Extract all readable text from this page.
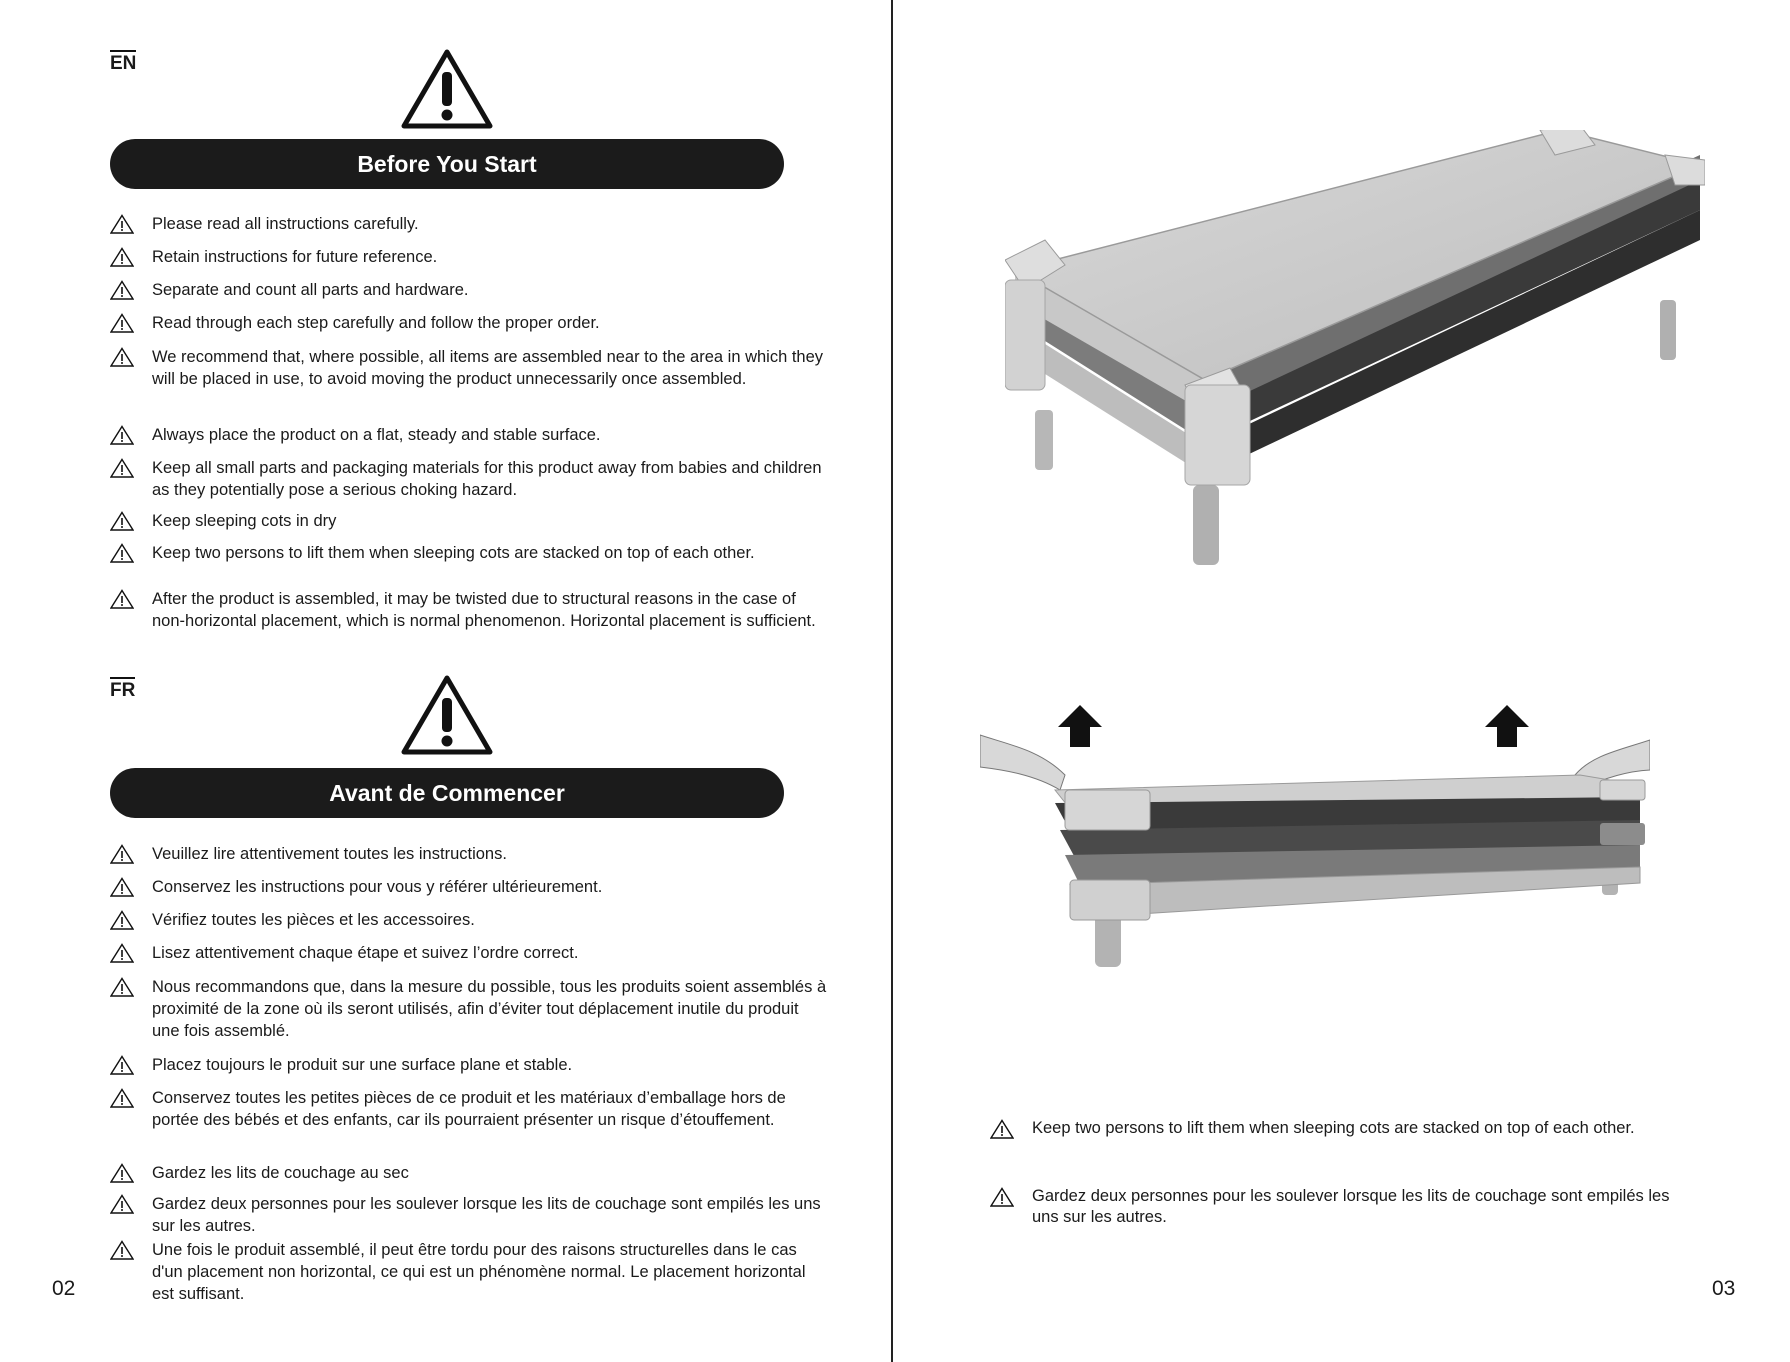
EN
Before You Start
Please read all instructions carefully.
Retain instructions for future reference.
Separate and count all parts and hardware.
Read through each step carefully and follow the proper order.
We recommend that, where possible, all items are assembled near to the area in which they will be placed in use, to avoid moving the product unnecessarily once assembled.
Always place the product on a flat, steady and stable surface.
Keep all small parts and packaging materials for this product away from babies and children as they potentially pose a serious choking hazard.
Keep sleeping cots in dry
Keep two persons to lift them when sleeping cots are stacked on top of each other.
After the product is assembled, it may be twisted due to structural reasons in the case of non-horizontal placement, which is normal phenomenon. Horizontal placement is sufficient.
FR
Avant de Commencer
Veuillez lire attentivement toutes les instructions.
Conservez les instructions pour vous y référer ultérieurement.
Vérifiez toutes les pièces et les accessoires.
Lisez attentivement chaque étape et suivez l’ordre correct.
Nous recommandons que, dans la mesure du possible, tous les produits soient assemblés à proximité de la zone où ils seront utilisés, afin d’éviter tout déplacement inutile du produit une fois assemblé.
Placez toujours le produit sur une surface plane et stable.
Conservez toutes les petites pièces de ce produit et les matériaux d’emballage hors de portée des bébés et des enfants, car ils pourraient présenter un risque d’étouffement.
Gardez les lits de couchage au sec
Gardez deux personnes pour les soulever lorsque les lits de couchage sont empilés les uns sur les autres.
Une fois le produit assemblé, il peut être tordu pour des raisons structurelles dans le cas d'un placement non horizontal, ce qui est un phénomène normal. Le placement horizontal est suffisant.
02
Keep two persons to lift them when sleeping cots are stacked on top of each other.
Gardez deux personnes pour les soulever lorsque les lits de couchage sont empilés les uns sur les autres.
03
